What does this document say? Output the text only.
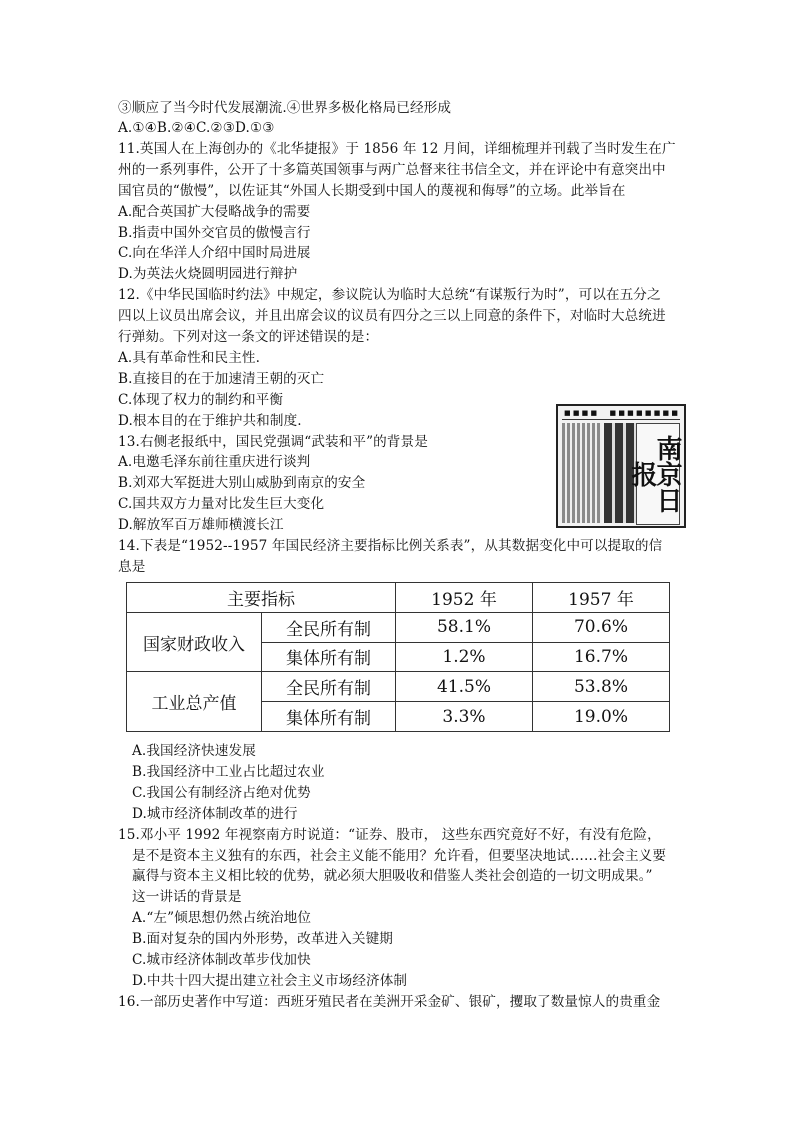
③顺应了当今时代发展潮流.④世界多极化格局已经形成
A.①④B.②④C.②③D.①③
11.英国人在上海创办的《北华捷报》于 1856 年 12 月间，详细梳理并刊载了当时发生在广
州的一系列事件，公开了十多篇英国领事与两广总督来往书信全文，并在评论中有意突出中
国官员的“傲慢”，以佐证其“外国人长期受到中国人的蔑视和侮辱”的立场。此举旨在
A.配合英国扩大侵略战争的需要
B.指责中国外交官员的傲慢言行
C.向在华洋人介绍中国时局进展
D.为英法火烧圆明园进行辩护
12.《中华民国临时约法》中规定，参议院认为临时大总统“有谋叛行为时”，可以在五分之
四以上议员出席会议，并且出席会议的议员有四分之三以上同意的条件下，对临时大总统进
行弹劾。下列对这一条文的评述错误的是：
A.具有革命性和民主性.
B.直接目的在于加速清王朝的灭亡
C.体现了权力的制约和平衡
D.根本目的在于维护共和制度.
13.右侧老报纸中，国民党强调“武装和平”的背景是
A.电邀毛泽东前往重庆进行谈判
B.刘邓大军挺进大别山威胁到南京的安全
C.国共双方力量对比发生巨大变化
D.解放军百万雄师横渡长江
14.下表是“1952--1957 年国民经济主要指标比例关系表”，从其数据变化中可以提取的信
息是
■ ■ ■ ■ ■ ■ ■ ■ ■ ■ ■ ■
南京日报
主要指标		1952 年	1957 年
国家财政收入	全民所有制	58.1%	70.6%
	集体所有制	1.2%	16.7%
工业总产值	全民所有制	41.5%	53.8%
	集体所有制	3.3%	19.0%
A.我国经济快速发展
B.我国经济中工业占比超过农业
C.我国公有制经济占绝对优势
D.城市经济体制改革的进行
15.邓小平 1992 年视察南方时说道：“证券、股市， 这些东西究竟好不好，有没有危险，
是不是资本主义独有的东西，社会主义能不能用？允许看，但要坚决地试……社会主义要
赢得与资本主义相比较的优势，就必须大胆吸收和借鉴人类社会创造的一切文明成果。”
这一讲话的背景是
A.“左”倾思想仍然占统治地位
B.面对复杂的国内外形势，改革进入关键期
C.城市经济体制改革步伐加快
D.中共十四大提出建立社会主义市场经济体制
16.一部历史著作中写道：西班牙殖民者在美洲开采金矿、银矿，攫取了数量惊人的贵重金
